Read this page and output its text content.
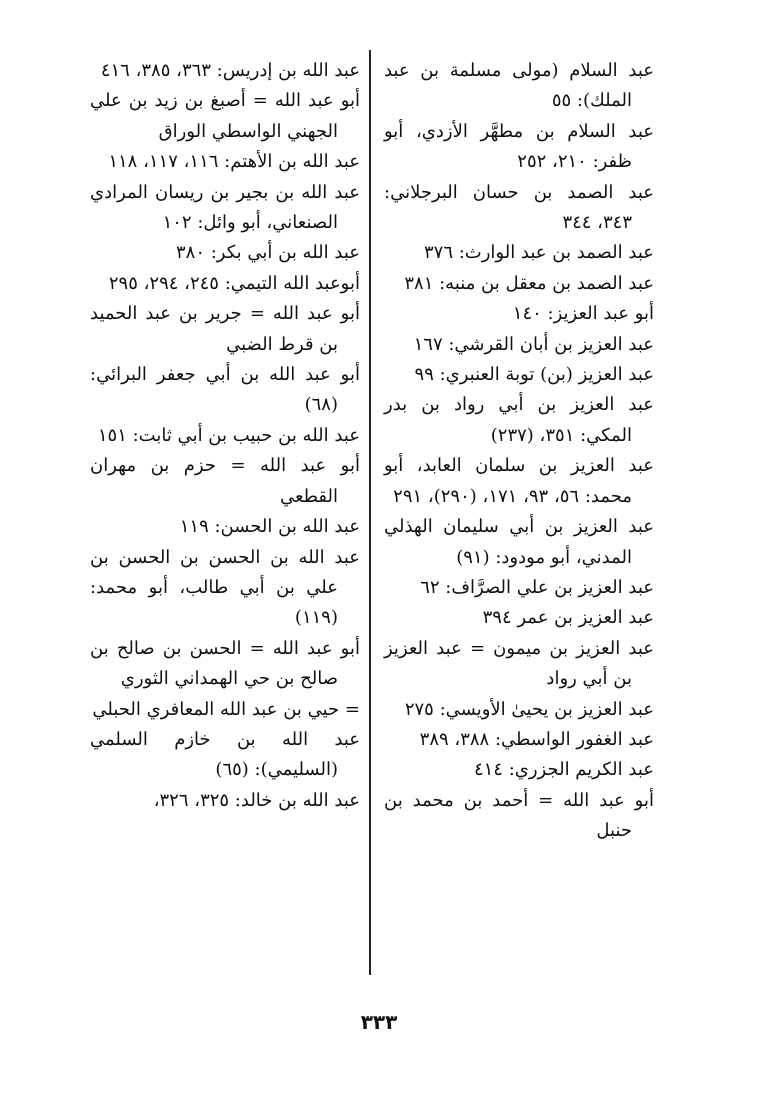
عبد السلام (مولى مسلمة بن عبد الملك): ٥٥

عبد السلام بن مطهَّر الأزدي، أبو ظفر: ٢١٠، ٢٥٢

عبد الصمد بن حسان البرجلاني: ٣٤٣، ٣٤٤

عبد الصمد بن عبد الوارث: ٣٧٦

عبد الصمد بن معقل بن منبه: ٣٨١

أبو عبد العزيز: ١٤٠

عبد العزيز بن أبان القرشي: ١٦٧

عبد العزيز (بن) توبة العنبري: ٩٩

عبد العزيز بن أبي رواد بن بدر المكي: ٣٥١، (٢٣٧)

عبد العزيز بن سلمان العابد، أبو محمد: ٥٦، ٩٣، ١٧١، (٢٩٠)، ٢٩١

عبد العزيز بن أبي سليمان الهذلي المدني، أبو مودود: (٩١)

عبد العزيز بن علي الصرَّاف: ٦٢

عبد العزيز بن عمر ٣٩٤

عبد العزيز بن ميمون = عبد العزيز بن أبي رواد

عبد العزيز بن يحيىٰ الأويسي: ٢٧٥

عبد الغفور الواسطي: ٣٨٨، ٣٨٩

عبد الكريم الجزري: ٤١٤

أبو عبد الله = أحمد بن محمد بن حنبل

عبد الله بن إدريس: ٣٦٣، ٣٨٥، ٤١٦

أبو عبد الله = أصبغ بن زيد بن علي الجهني الواسطي الوراق

عبد الله بن الأهتم: ١١٦، ١١٧، ١١٨

عبد الله بن بجير بن ريسان المرادي الصنعاني، أبو وائل: ١٠٢

عبد الله بن أبي بكر: ٣٨٠

أبوعبد الله التيمي: ٢٤٥، ٢٩٤، ٢٩٥

أبو عبد الله = جرير بن عبد الحميد بن قرط الضبي

أبو عبد الله بن أبي جعفر البرائي: (٦٨)

عبد الله بن حبيب بن أبي ثابت: ١٥١

أبو عبد الله = حزم بن مهران القطعي

عبد الله بن الحسن: ١١٩

عبد الله بن الحسن بن الحسن بن علي بن أبي طالب، أبو محمد: (١١٩)

أبو عبد الله = الحسن بن صالح بن صالح بن حي الهمداني الثوري

= حيي بن عبد الله المعافري الحبلي

عبد الله بن خازم السلمي (السليمي): (٦٥)

عبد الله بن خالد: ٣٢٥، ٣٢٦،

٣٣٣
